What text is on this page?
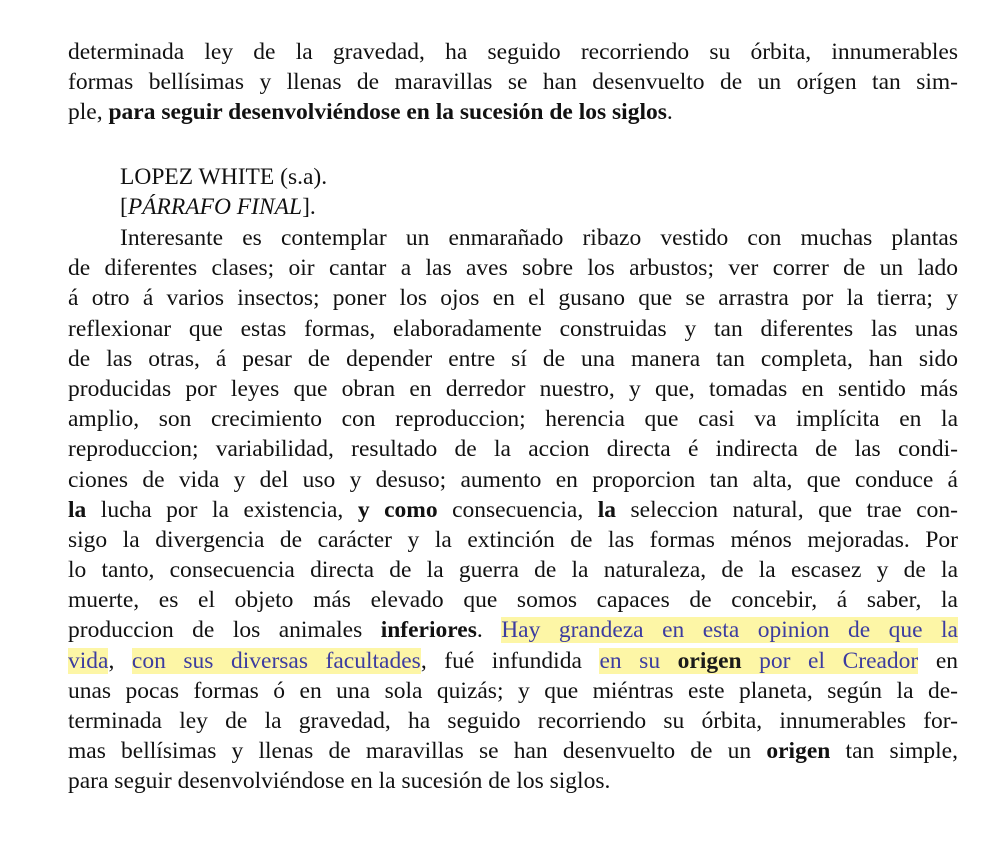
determinada ley de la gravedad, ha seguido recorriendo su órbita, innumerables
formas bellísimas y llenas de maravillas se han desenvuelto de un orígen tan sim-
ple, para seguir desenvolviéndose en la sucesión de los siglos.
LOPEZ WHITE (s.a).
[PÁRRAFO FINAL].
Interesante es contemplar un enmarañado ribazo vestido con muchas plantas
de diferentes clases; oir cantar a las aves sobre los arbustos; ver correr de un lado
á otro á varios insectos; poner los ojos en el gusano que se arrastra por la tierra; y
reflexionar que estas formas, elaboradamente construidas y tan diferentes las unas
de las otras, á pesar de depender entre sí de una manera tan completa, han sido
producidas por leyes que obran en derredor nuestro, y que, tomadas en sentido más
amplio, son crecimiento con reproduccion; herencia que casi va implícita en la
reproduccion; variabilidad, resultado de la accion directa é indirecta de las condi-
ciones de vida y del uso y desuso; aumento en proporcion tan alta, que conduce á
la lucha por la existencia, y como consecuencia, la seleccion natural, que trae con-
sigo la divergencia de carácter y la extinción de las formas ménos mejoradas. Por
lo tanto, consecuencia directa de la guerra de la naturaleza, de la escasez y de la
muerte, es el objeto más elevado que somos capaces de concebir, á saber, la
produccion de los animales inferiores. Hay grandeza en esta opinion de que la
vida, con sus diversas facultades, fué infundida en su origen por el Creador en
unas pocas formas ó en una sola quizás; y que miéntras este planeta, según la de-
terminada ley de la gravedad, ha seguido recorriendo su órbita, innumerables for-
mas bellísimas y llenas de maravillas se han desenvuelto de un origen tan simple,
para seguir desenvolviéndose en la sucesión de los siglos.
